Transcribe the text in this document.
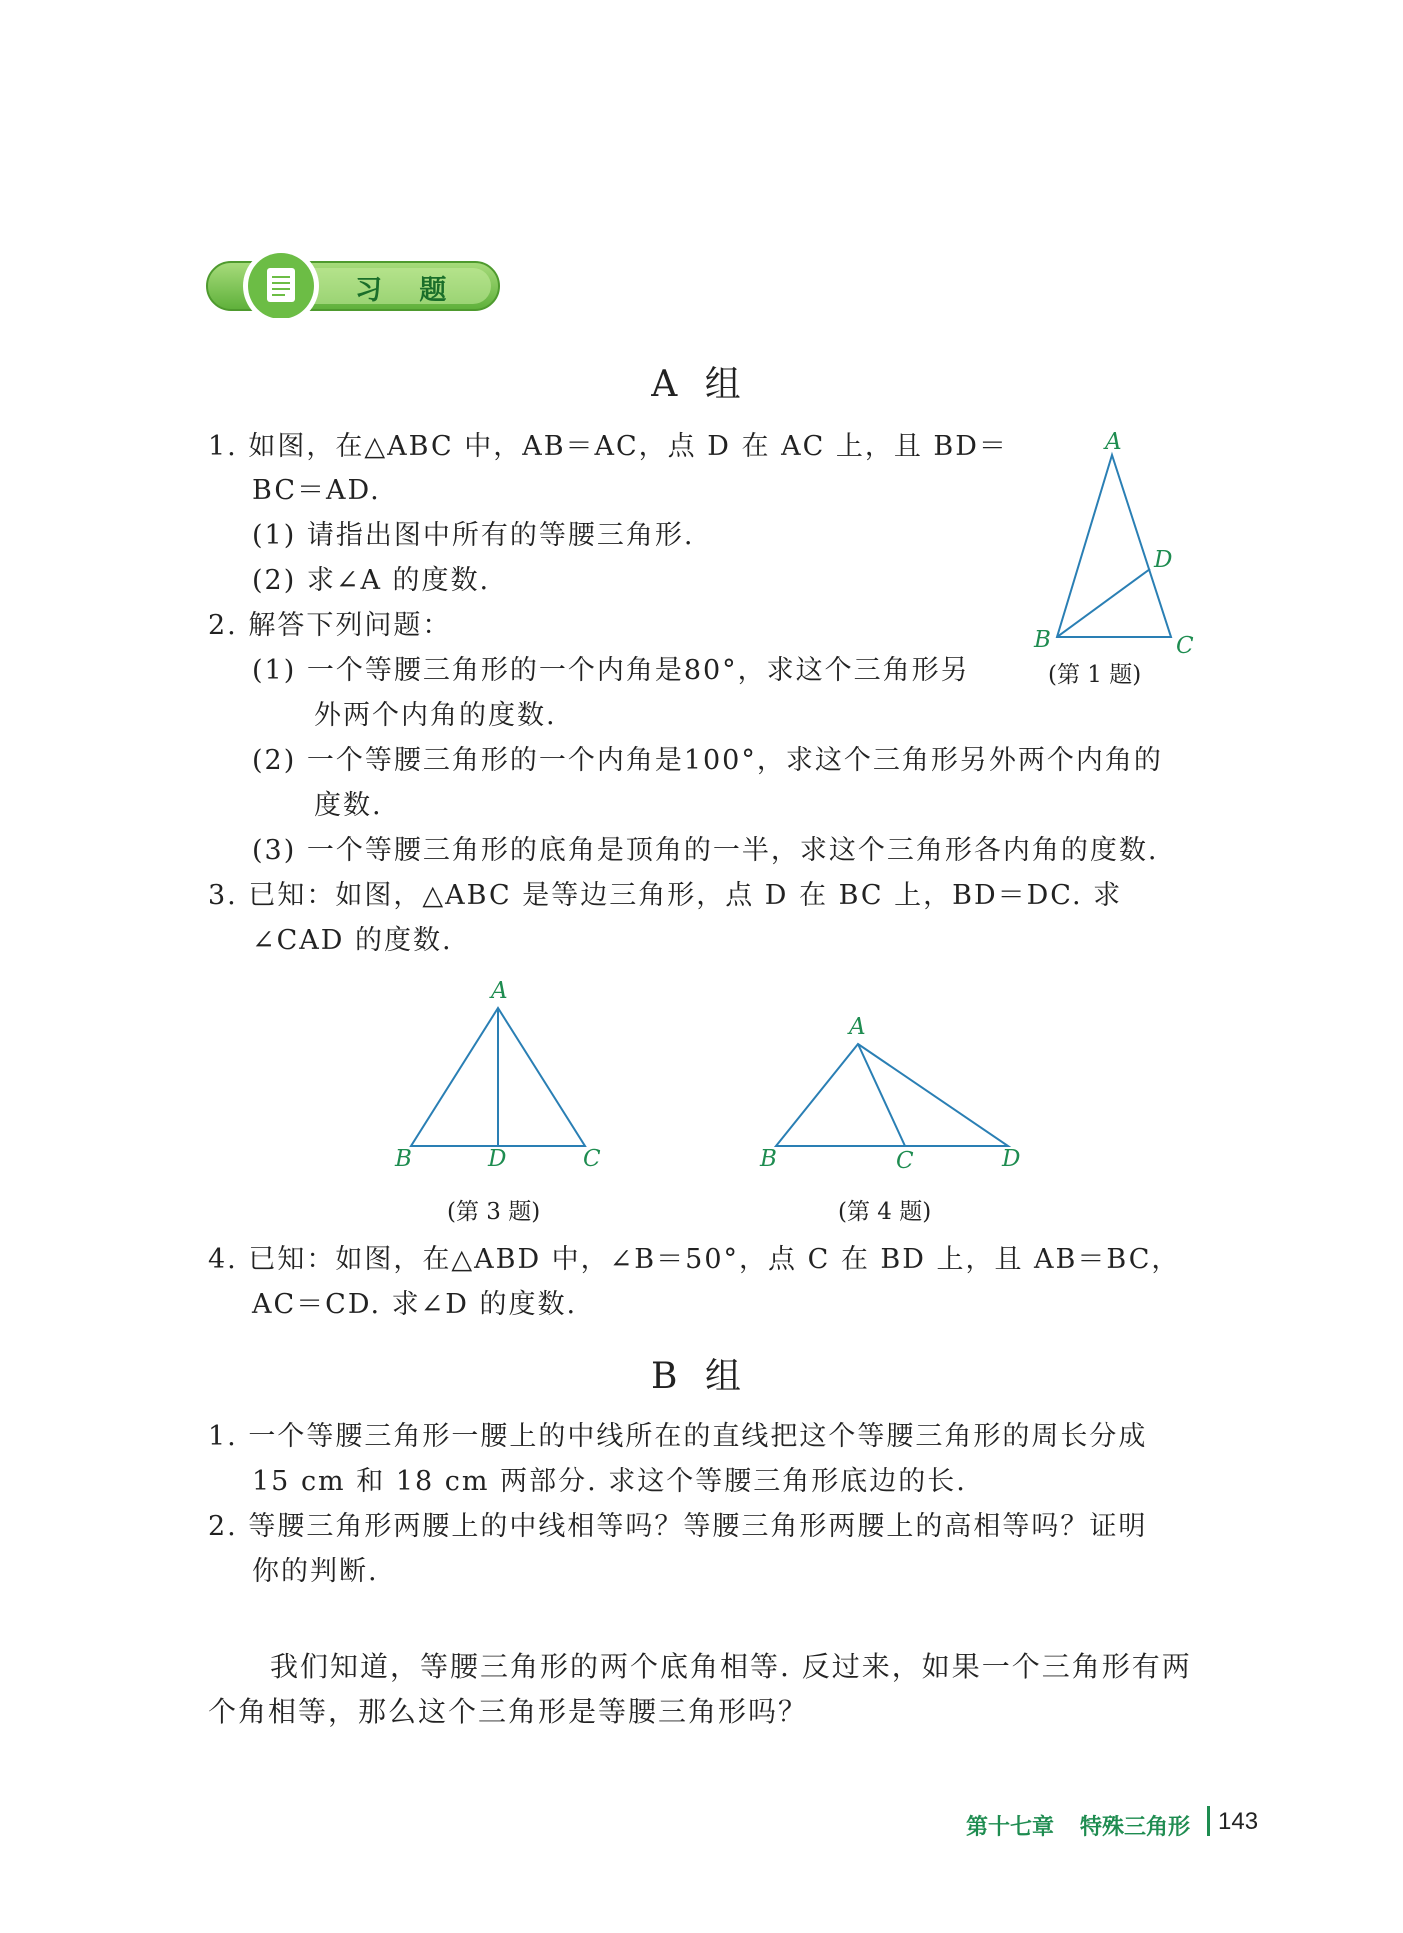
习 题
A 组
1. 如图，在△ABC 中，AB＝AC，点 D 在 AC 上，且 BD＝
BC＝AD.
(1) 请指出图中所有的等腰三角形.
(2) 求∠A 的度数.
A
D
B	C
(第 1 题)
2. 解答下列问题：
(1) 一个等腰三角形的一个内角是80°，求这个三角形另
外两个内角的度数.
(2) 一个等腰三角形的一个内角是100°，求这个三角形另外两个内角的
度数.
(3) 一个等腰三角形的底角是顶角的一半，求这个三角形各内角的度数.
3. 已知：如图，△ABC 是等边三角形，点 D 在 BC 上，BD＝DC. 求
∠CAD 的度数.
A
B	D	C
(第 3 题)
A
B	C	D
(第 4 题)
4. 已知：如图，在△ABD 中，∠B＝50°，点 C 在 BD 上，且 AB＝BC，
AC＝CD. 求∠D 的度数.
B 组
1. 一个等腰三角形一腰上的中线所在的直线把这个等腰三角形的周长分成
15 cm 和 18 cm 两部分. 求这个等腰三角形底边的长.
2. 等腰三角形两腰上的中线相等吗？等腰三角形两腰上的高相等吗？证明
你的判断.
我们知道，等腰三角形的两个底角相等. 反过来，如果一个三角形有两
个角相等，那么这个三角形是等腰三角形吗？
第十七章 特殊三角形 143
